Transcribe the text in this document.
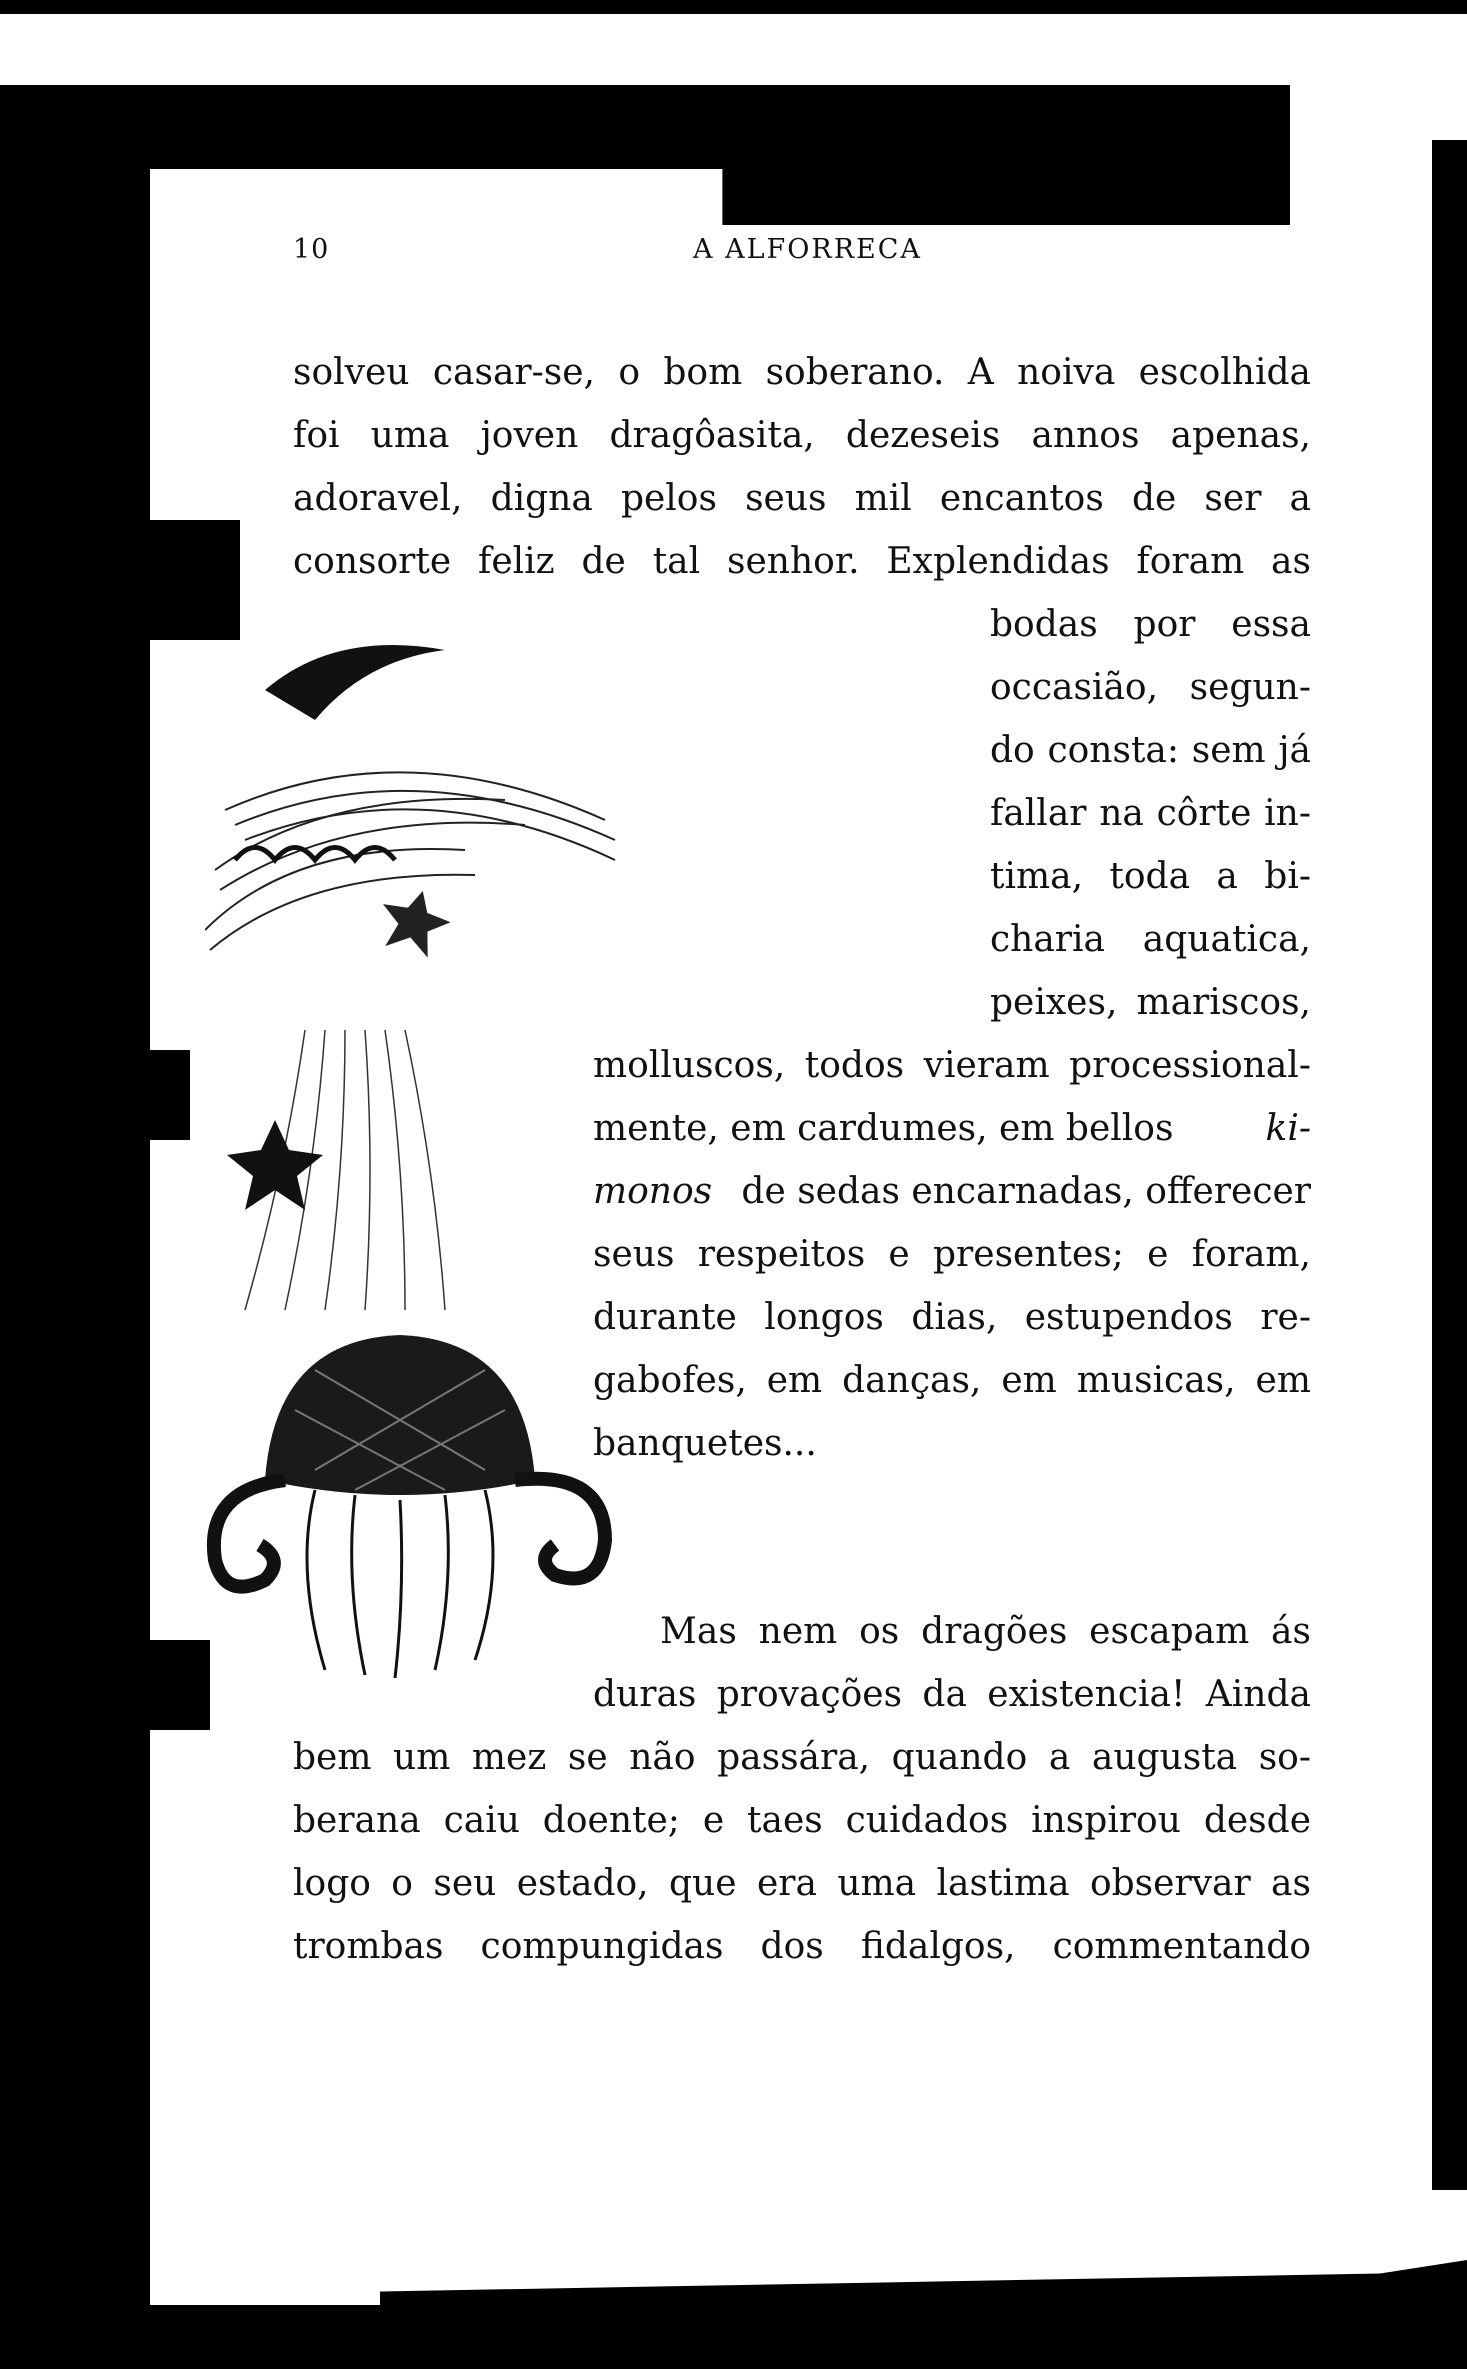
10	A ALFORRECA
solveu casar-se, o bom soberano. A noiva escolhida
foi uma joven dragôasita, dezeseis annos apenas,
adoravel, digna pelos seus mil encantos de ser a
consorte feliz de tal senhor. Explendidas foram as
bodas por essa
occasião, segun-
do consta: sem já
fallar na côrte in-
tima, toda a bi-
charia aquatica,
peixes, mariscos,
molluscos, todos vieram processional-
mente, em cardumes, em bellos	ki-
monos de sedas encarnadas, offerecer
seus respeitos e presentes; e foram,
durante longos dias, estupendos re-
gabofes, em danças, em musicas, em
banquetes...
Mas nem os dragões escapam ás
duras provações da existencia! Ainda
bem um mez se não passára, quando a augusta so-
berana caiu doente; e taes cuidados inspirou desde
logo o seu estado, que era uma lastima observar as
trombas compungidas dos fidalgos, commentando
